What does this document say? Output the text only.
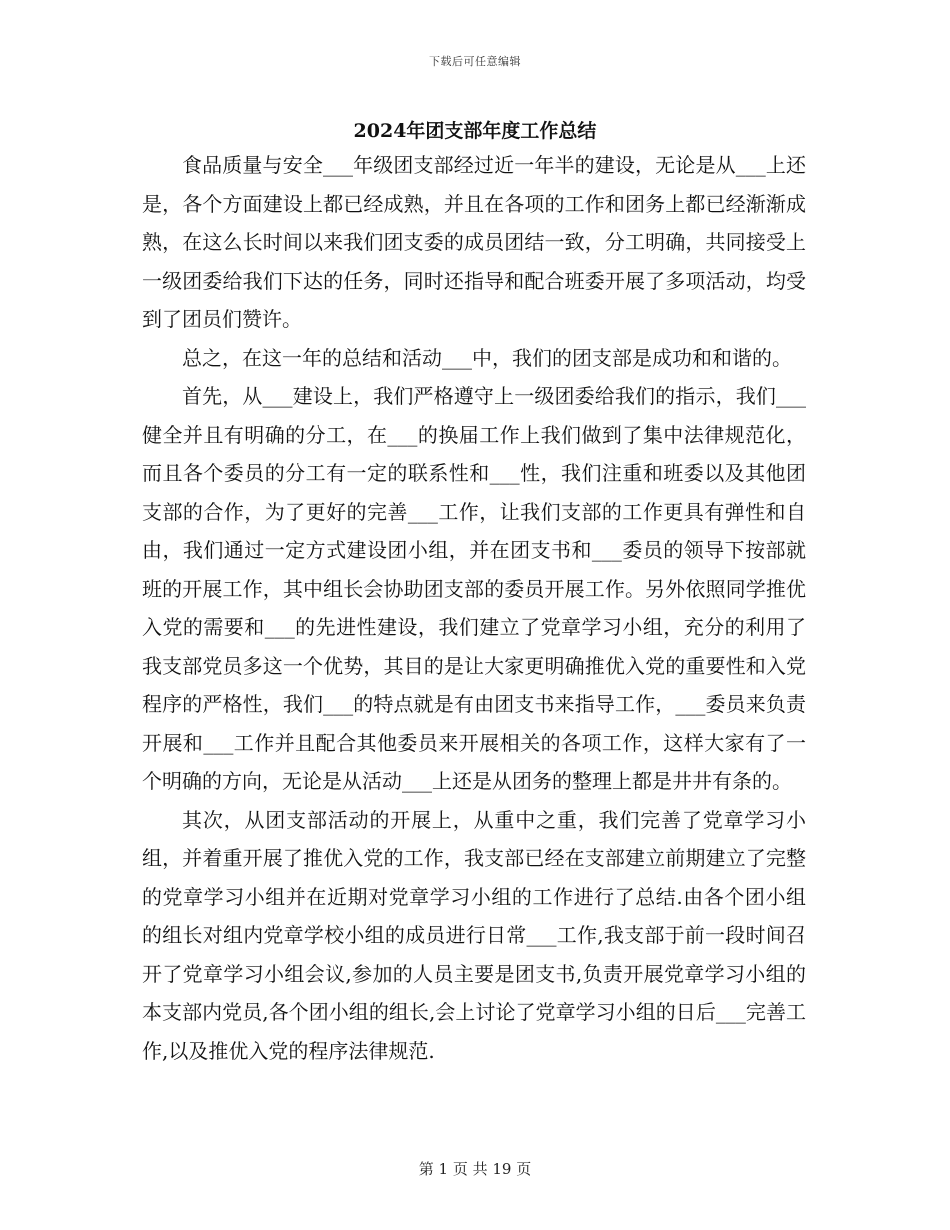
下载后可任意编辑
2024年团支部年度工作总结

食品质量与安全___年级团支部经过近一年半的建设，无论是从___上还是，各个方面建设上都已经成熟，并且在各项的工作和团务上都已经渐渐成熟，在这么长时间以来我们团支委的成员团结一致，分工明确，共同接受上一级团委给我们下达的任务，同时还指导和配合班委开展了多项活动，均受到了团员们赞许。

总之，在这一年的总结和活动___中，我们的团支部是成功和和谐的。

首先，从___建设上，我们严格遵守上一级团委给我们的指示，我们___健全并且有明确的分工，在___的换届工作上我们做到了集中法律规范化，而且各个委员的分工有一定的联系性和___性，我们注重和班委以及其他团支部的合作，为了更好的完善___工作，让我们支部的工作更具有弹性和自由，我们通过一定方式建设团小组，并在团支书和___委员的领导下按部就班的开展工作，其中组长会协助团支部的委员开展工作。另外依照同学推优入党的需要和___的先进性建设，我们建立了党章学习小组，充分的利用了我支部党员多这一个优势，其目的是让大家更明确推优入党的重要性和入党程序的严格性，我们___的特点就是有由团支书来指导工作，___委员来负责开展和___工作并且配合其他委员来开展相关的各项工作，这样大家有了一个明确的方向，无论是从活动___上还是从团务的整理上都是井井有条的。

其次，从团支部活动的开展上，从重中之重，我们完善了党章学习小组，并着重开展了推优入党的工作，我支部已经在支部建立前期建立了完整的党章学习小组并在近期对党章学习小组的工作进行了总结.由各个团小组的组长对组内党章学校小组的成员进行日常___工作,我支部于前一段时间召开了党章学习小组会议,参加的人员主要是团支书,负责开展党章学习小组的本支部内党员,各个团小组的组长,会上讨论了党章学习小组的日后___完善工作,以及推优入党的程序法律规范.

第 1 页 共 19 页
